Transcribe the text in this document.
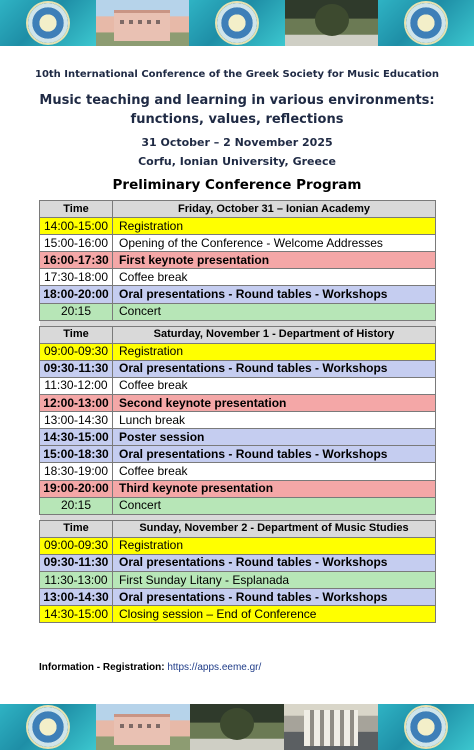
10th International Conference of the Greek Society for Music Education
Music teaching and learning in various environments:
functions, values, reflections
31 October – 2 November 2025
Corfu, Ionian University, Greece
Preliminary Conference Program
Time	Friday, October 31 – Ionian Academy
14:00-15:00	Registration
15:00-16:00	Opening of the Conference - Welcome Addresses
16:00-17:30	First keynote presentation
17:30-18:00	Coffee break
18:00-20:00	Oral presentations - Round tables - Workshops
20:15	Concert

Time	Saturday, November 1 - Department of History
09:00-09:30	Registration
09:30-11:30	Oral presentations - Round tables - Workshops
11:30-12:00	Coffee break
12:00-13:00	Second keynote presentation
13:00-14:30	Lunch break
14:30-15:00	Poster session
15:00-18:30	Oral presentations - Round tables - Workshops
18:30-19:00	Coffee break
19:00-20:00	Third keynote presentation
20:15	Concert

Time	Sunday, November 2 - Department of Music Studies
09:00-09:30	Registration
09:30-11:30	Oral presentations - Round tables - Workshops
11:30-13:00	First Sunday Litany - Esplanada
13:00-14:30	Oral presentations - Round tables - Workshops
14:30-15:00	Closing session – End of Conference
Information - Registration: https://apps.eeme.gr/
